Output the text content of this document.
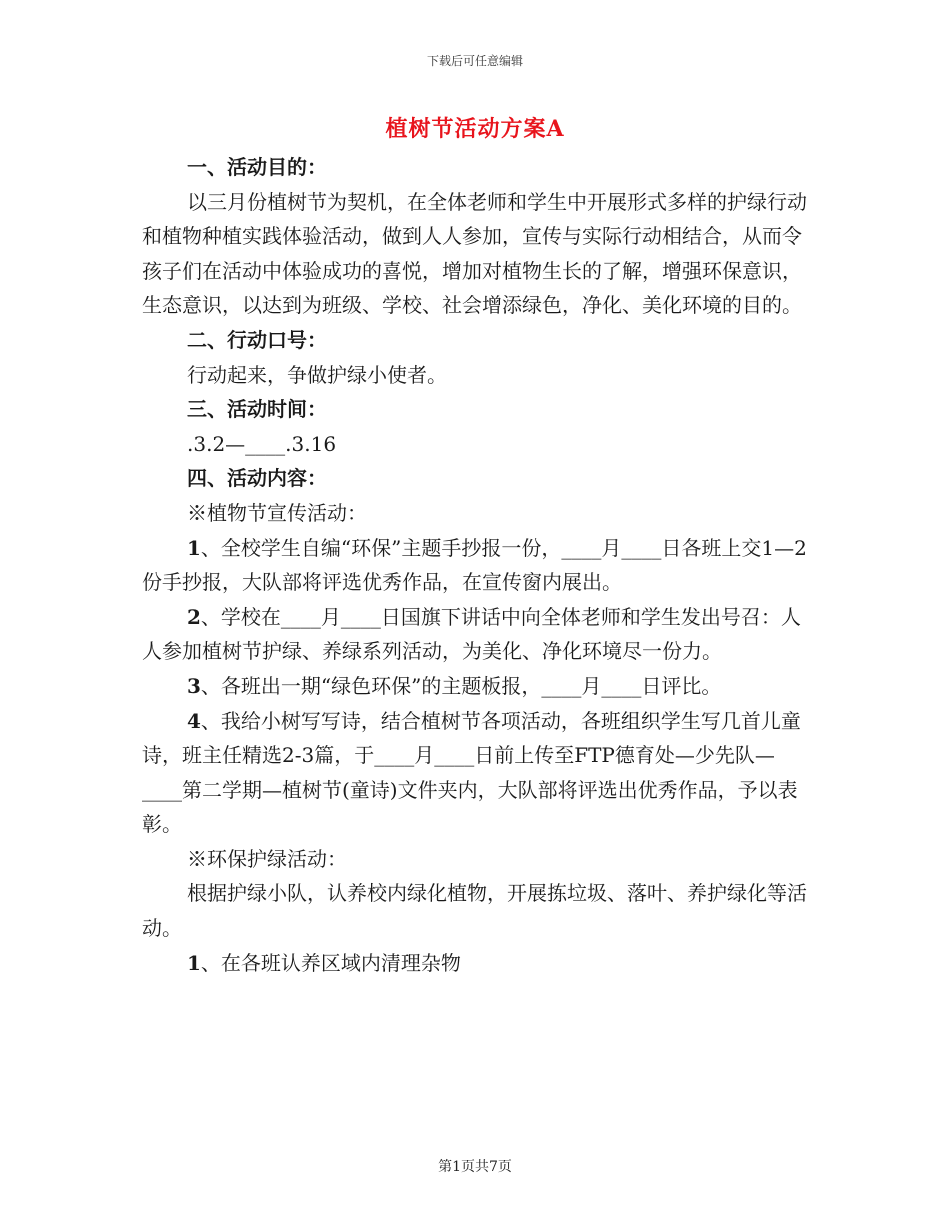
下载后可任意编辑
植树节活动方案A

一、活动目的：

以三月份植树节为契机，在全体老师和学生中开展形式多样的护绿行动和植物种植实践体验活动，做到人人参加，宣传与实际行动相结合，从而令孩子们在活动中体验成功的喜悦，增加对植物生长的了解，增强环保意识，生态意识，以达到为班级、学校、社会增添绿色，净化、美化环境的目的。

二、行动口号：

行动起来，争做护绿小使者。

三、活动时间：

.3.2—____.3.16

四、活动内容：

※植物节宣传活动：

1、全校学生自编“环保”主题手抄报一份，____月____日各班上交1—2份手抄报，大队部将评选优秀作品，在宣传窗内展出。

2、学校在____月____日国旗下讲话中向全体老师和学生发出号召：人人参加植树节护绿、养绿系列活动，为美化、净化环境尽一份力。

3、各班出一期“绿色环保”的主题板报，____月____日评比。

4、我给小树写写诗，结合植树节各项活动，各班组织学生写几首儿童诗，班主任精选2-3篇，于____月____日前上传至FTP德育处—少先队—____第二学期—植树节(童诗)文件夹内，大队部将评选出优秀作品，予以表彰。

※环保护绿活动：

根据护绿小队，认养校内绿化植物，开展拣垃圾、落叶、养护绿化等活动。

1、在各班认养区域内清理杂物

第1页共7页
